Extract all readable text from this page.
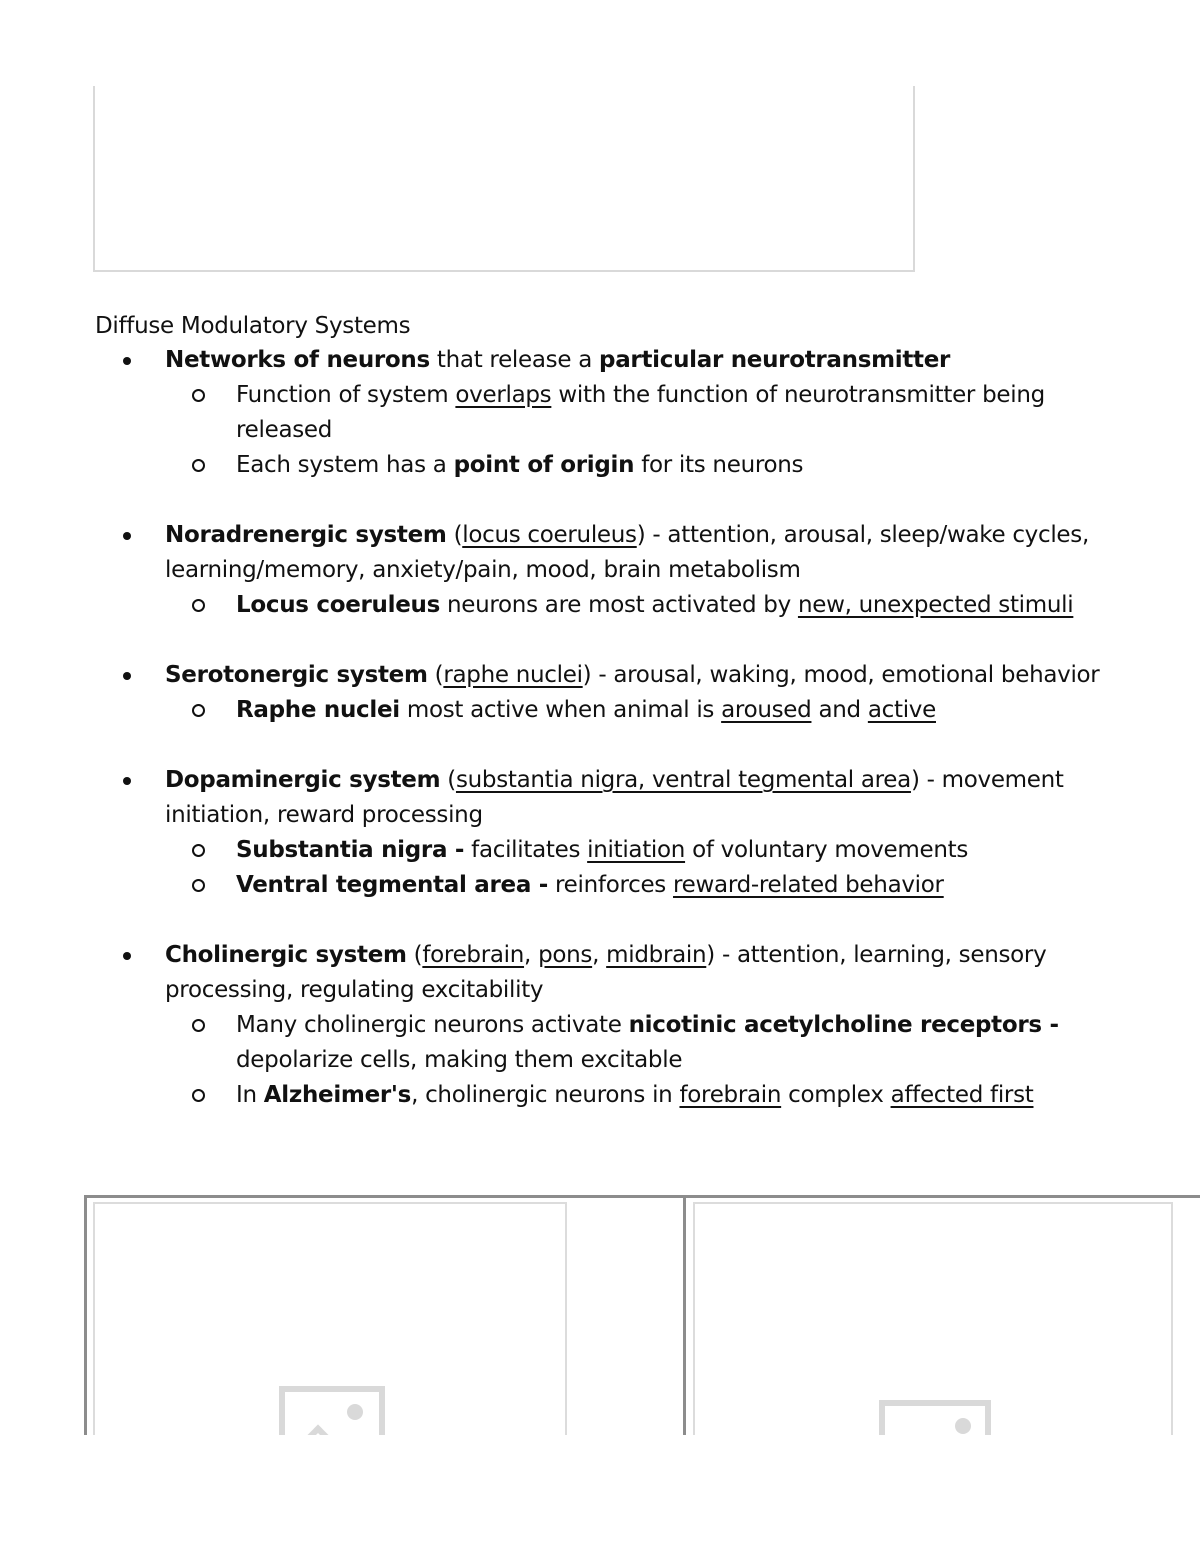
Diffuse Modulatory Systems
Networks of neurons that release a particular neurotransmitter
Function of system overlaps with the function of neurotransmitter being released
Each system has a point of origin for its neurons
Noradrenergic system (locus coeruleus) - attention, arousal, sleep/wake cycles, learning/memory, anxiety/pain, mood, brain metabolism
Locus coeruleus neurons are most activated by new, unexpected stimuli
Serotonergic system (raphe nuclei) - arousal, waking, mood, emotional behavior
Raphe nuclei most active when animal is aroused and active
Dopaminergic system (substantia nigra, ventral tegmental area) - movement initiation, reward processing
Substantia nigra - facilitates initiation of voluntary movements
Ventral tegmental area - reinforces reward-related behavior
Cholinergic system (forebrain, pons, midbrain) - attention, learning, sensory processing, regulating excitability
Many cholinergic neurons activate nicotinic acetylcholine receptors - depolarize cells, making them excitable
In Alzheimer's, cholinergic neurons in forebrain complex affected first
